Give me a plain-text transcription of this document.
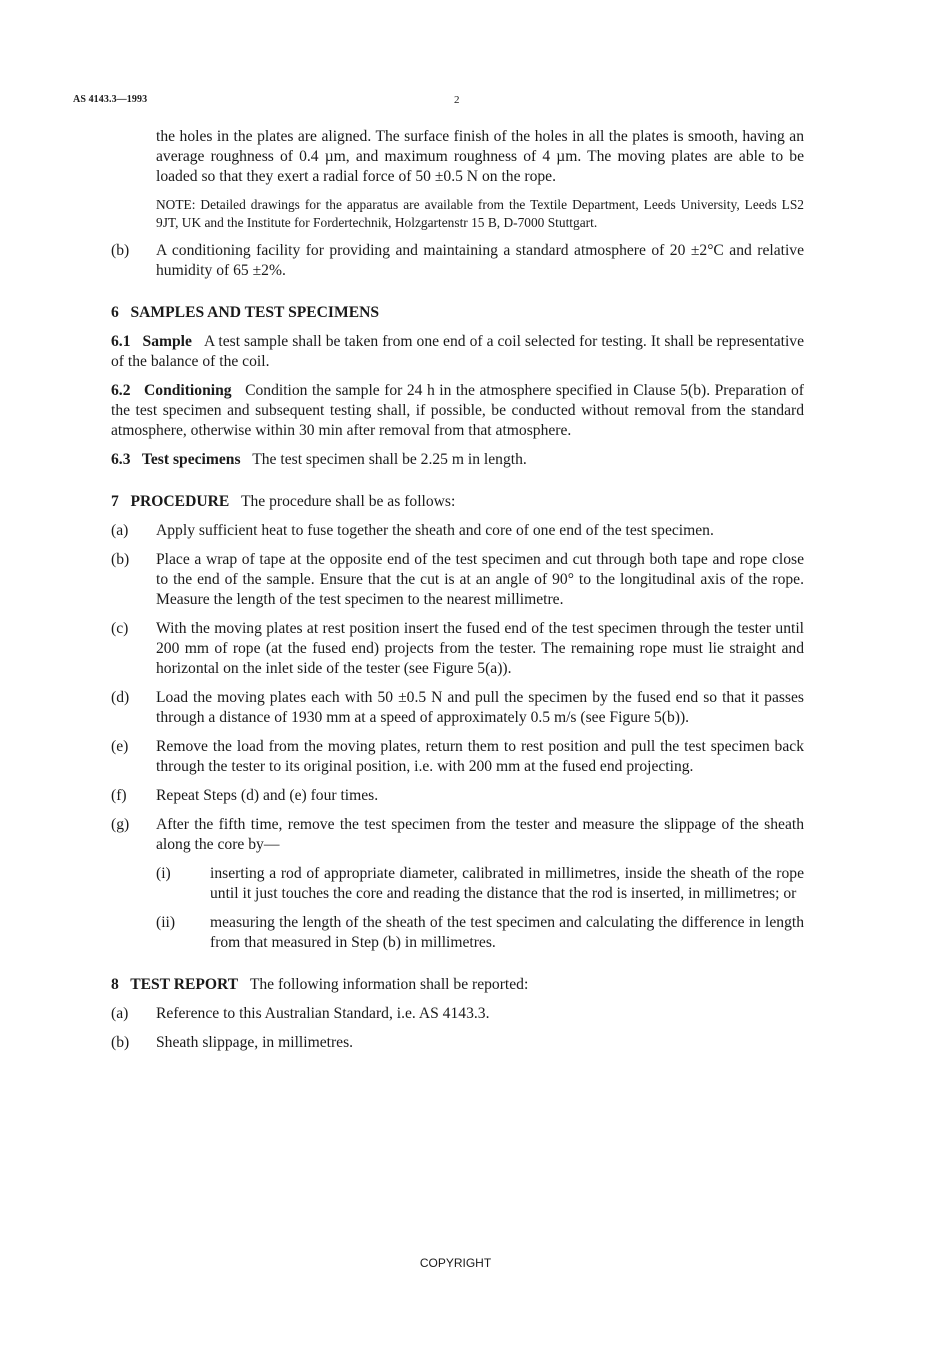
AS 4143.3—1993	2
the holes in the plates are aligned. The surface finish of the holes in all the plates is smooth, having an average roughness of 0.4 µm, and maximum roughness of 4 µm. The moving plates are able to be loaded so that they exert a radial force of 50 ±0.5 N on the rope.
NOTE: Detailed drawings for the apparatus are available from the Textile Department, Leeds University, Leeds LS2 9JT, UK and the Institute for Fordertechnik, Holzgartenstr 15 B, D-7000 Stuttgart.
(b)	A conditioning facility for providing and maintaining a standard atmosphere of 20 ±2°C and relative humidity of 65 ±2%.
6   SAMPLES AND TEST SPECIMENS
6.1   Sample A test sample shall be taken from one end of a coil selected for testing. It shall be representative of the balance of the coil.
6.2   Conditioning Condition the sample for 24 h in the atmosphere specified in Clause 5(b). Preparation of the test specimen and subsequent testing shall, if possible, be conducted without removal from the standard atmosphere, otherwise within 30 min after removal from that atmosphere.
6.3   Test specimens The test specimen shall be 2.25 m in length.
7   PROCEDURE The procedure shall be as follows:
(a)	Apply sufficient heat to fuse together the sheath and core of one end of the test specimen.
(b)	Place a wrap of tape at the opposite end of the test specimen and cut through both tape and rope close to the end of the sample. Ensure that the cut is at an angle of 90° to the longitudinal axis of the rope. Measure the length of the test specimen to the nearest millimetre.
(c)	With the moving plates at rest position insert the fused end of the test specimen through the tester until 200 mm of rope (at the fused end) projects from the tester. The remaining rope must lie straight and horizontal on the inlet side of the tester (see Figure 5(a)).
(d)	Load the moving plates each with 50 ±0.5 N and pull the specimen by the fused end so that it passes through a distance of 1930 mm at a speed of approximately 0.5 m/s (see Figure 5(b)).
(e)	Remove the load from the moving plates, return them to rest position and pull the test specimen back through the tester to its original position, i.e. with 200 mm at the fused end projecting.
(f)	Repeat Steps (d) and (e) four times.
(g)	After the fifth time, remove the test specimen from the tester and measure the slippage of the sheath along the core by—
(i)	inserting a rod of appropriate diameter, calibrated in millimetres, inside the sheath of the rope until it just touches the core and reading the distance that the rod is inserted, in millimetres; or
(ii)	measuring the length of the sheath of the test specimen and calculating the difference in length from that measured in Step (b) in millimetres.
8   TEST REPORT The following information shall be reported:
(a)	Reference to this Australian Standard, i.e. AS 4143.3.
(b)	Sheath slippage, in millimetres.
COPYRIGHT
